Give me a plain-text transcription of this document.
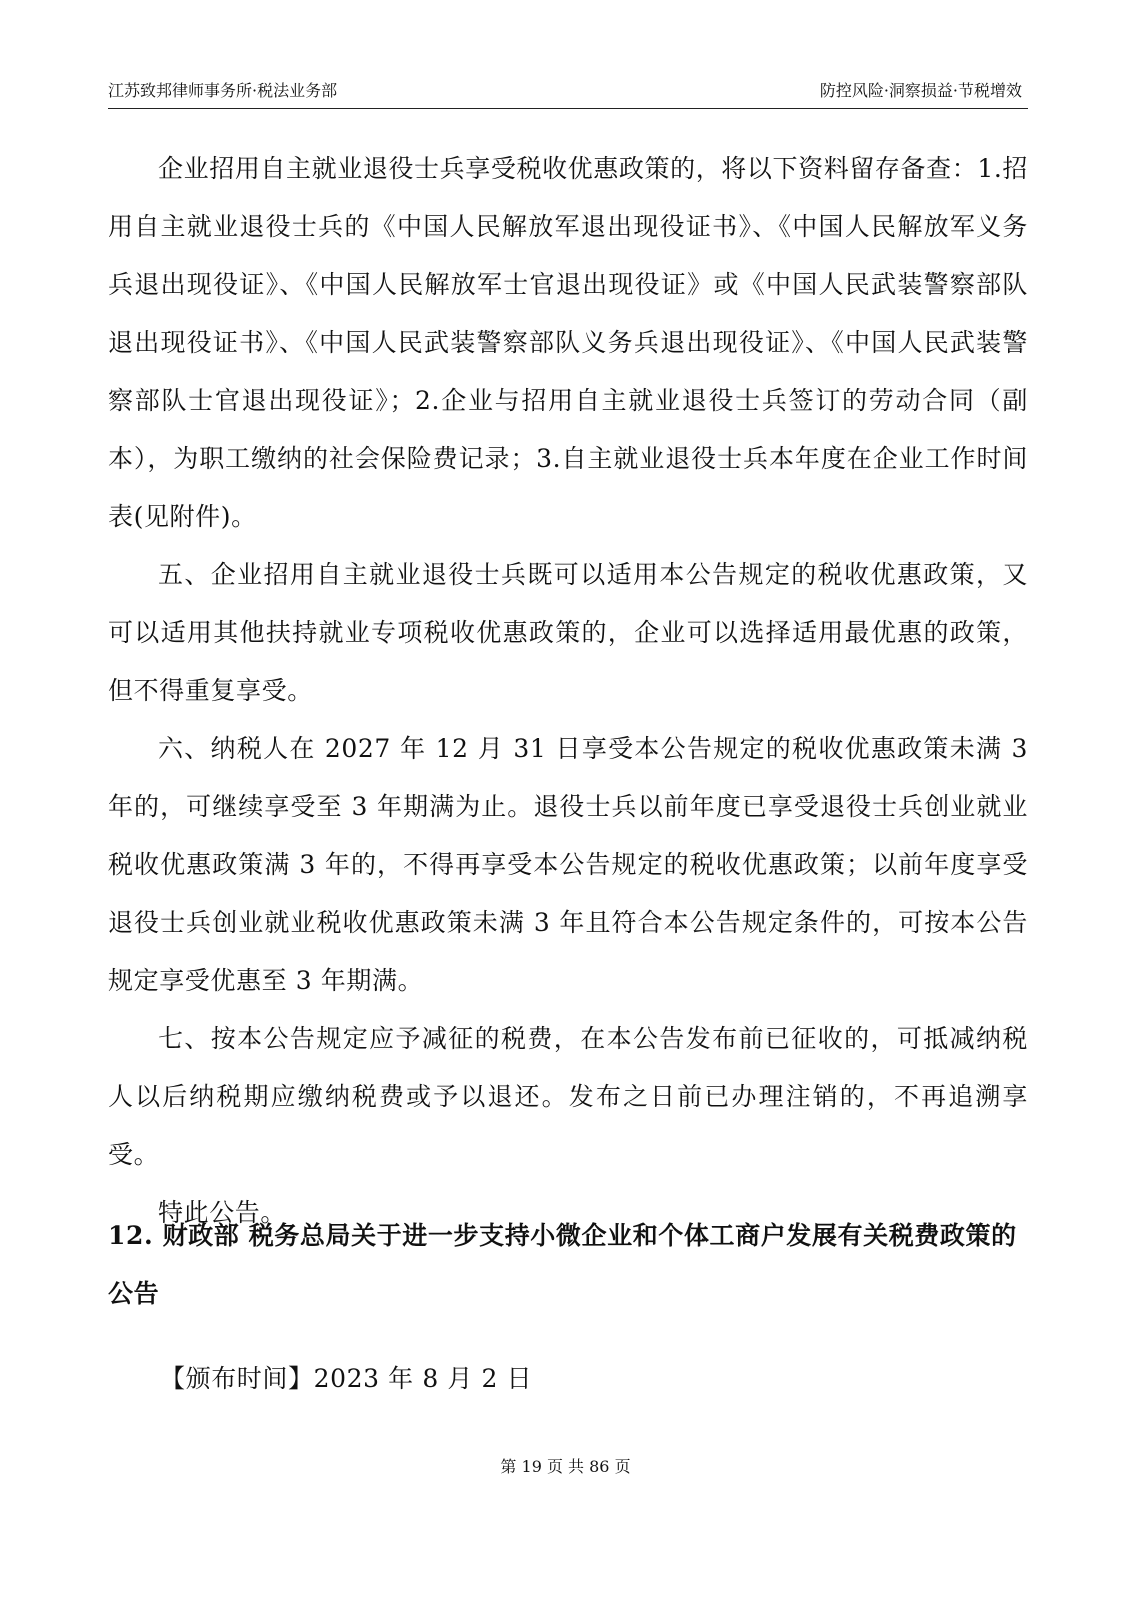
江苏致邦律师事务所·税法业务部	防控风险·洞察损益·节税增效

企业招用自主就业退役士兵享受税收优惠政策的，将以下资料留存备查：1.招用自主就业退役士兵的《中国人民解放军退出现役证书》、《中国人民解放军义务兵退出现役证》、《中国人民解放军士官退出现役证》或《中国人民武装警察部队退出现役证书》、《中国人民武装警察部队义务兵退出现役证》、《中国人民武装警察部队士官退出现役证》；2.企业与招用自主就业退役士兵签订的劳动合同（副本），为职工缴纳的社会保险费记录；3.自主就业退役士兵本年度在企业工作时间表(见附件)。

五、企业招用自主就业退役士兵既可以适用本公告规定的税收优惠政策，又可以适用其他扶持就业专项税收优惠政策的，企业可以选择适用最优惠的政策，但不得重复享受。

六、纳税人在 2027 年 12 月 31 日享受本公告规定的税收优惠政策未满 3 年的，可继续享受至 3 年期满为止。退役士兵以前年度已享受退役士兵创业就业税收优惠政策满 3 年的，不得再享受本公告规定的税收优惠政策；以前年度享受退役士兵创业就业税收优惠政策未满 3 年且符合本公告规定条件的，可按本公告规定享受优惠至 3 年期满。

七、按本公告规定应予减征的税费，在本公告发布前已征收的，可抵减纳税人以后纳税期应缴纳税费或予以退还。发布之日前已办理注销的，不再追溯享受。

特此公告。

12. 财政部 税务总局关于进一步支持小微企业和个体工商户发展有关税费政策的公告
【颁布时间】2023 年 8 月 2 日
第 19 页 共 86 页
